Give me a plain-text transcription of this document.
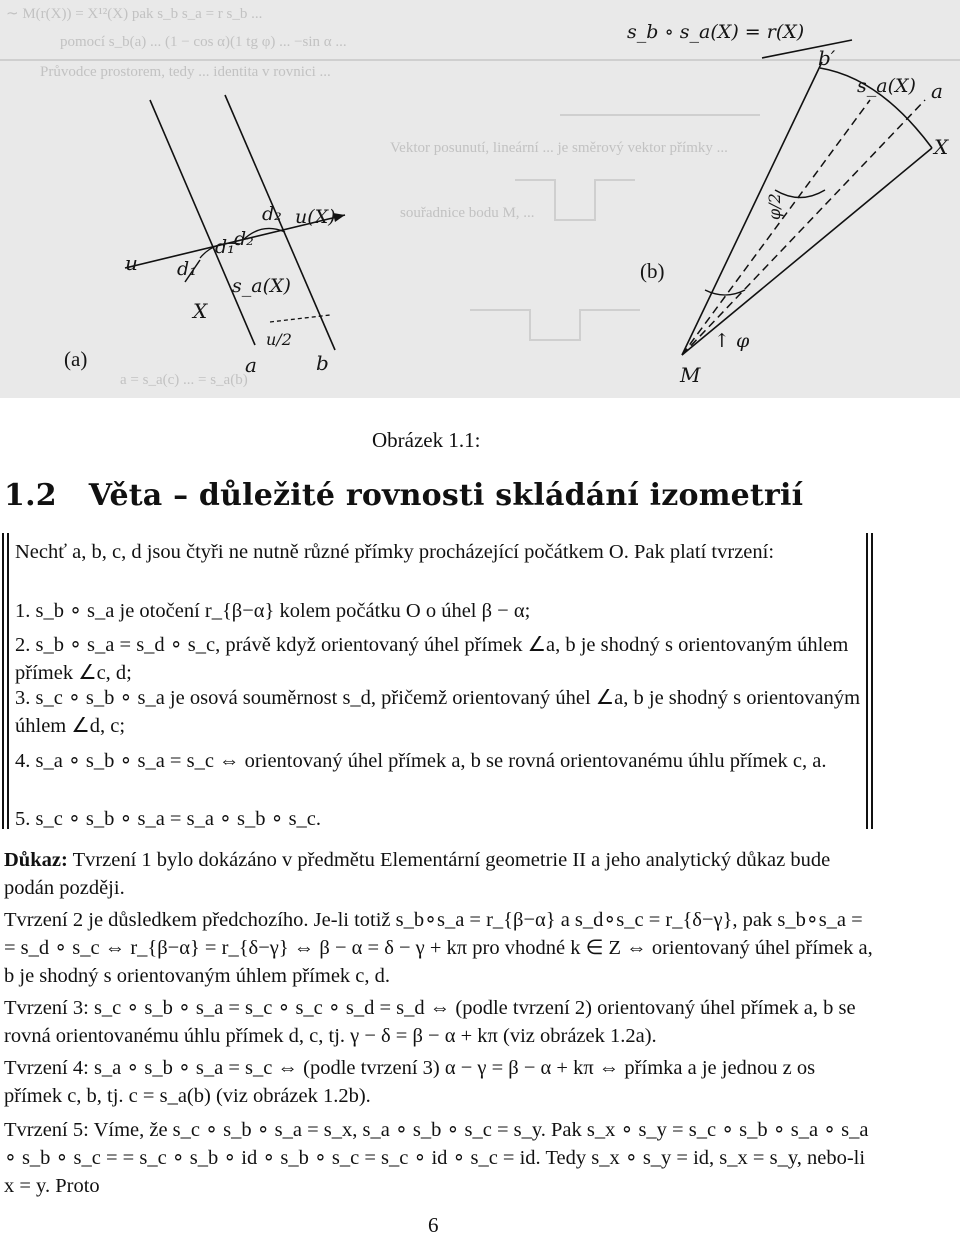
∼ M(r(X)) = X¹²(X) pak s_b s_a = r s_b ...
pomocí s_b(a) ... (1 − cos α)(1 tg φ) ... −sin α ...
Průvodce prostorem, tedy ... identita v rovnici ...
Vektor posunutí, lineární ... je směrový vektor přímky ...
souřadnice bodu M, ...
a = s_a(c) ... = s_a(b)
u d₁
d₁ d₂
d₂ u(X)
X
s_a(X)
u/2
a	b
(a)
s_b ∘ s_a(X) = r(X)
b′
s_a(X) a
X
φ/2
↑ φ
M
(b)
Obrázek 1.1:
1.2 Věta – důležité rovnosti skládání izometrií
Nechť a, b, c, d jsou čtyři ne nutně různé přímky procházející počátkem O. Pak platí tvrzení:
1. s_b ∘ s_a je otočení r_{β−α} kolem počátku O o úhel β − α;
2. s_b ∘ s_a = s_d ∘ s_c, právě když orientovaný úhel přímek ∠a, b je shodný s orientovaným úhlem přímek ∠c, d;
3. s_c ∘ s_b ∘ s_a je osová souměrnost s_d, přičemž orientovaný úhel ∠a, b je shodný s orientovaným úhlem ∠d, c;
4. s_a ∘ s_b ∘ s_a = s_c ⇔ orientovaný úhel přímek a, b se rovná orientovanému úhlu přímek c, a.
5. s_c ∘ s_b ∘ s_a = s_a ∘ s_b ∘ s_c.
Důkaz: Tvrzení 1 bylo dokázáno v předmětu Elementární geometrie II a jeho analytický důkaz bude podán později.
Tvrzení 2 je důsledkem předchozího. Je-li totiž s_b∘s_a = r_{β−α} a s_d∘s_c = r_{δ−γ}, pak s_b∘s_a = = s_d ∘ s_c ⇔ r_{β−α} = r_{δ−γ} ⇔ β − α = δ − γ + kπ pro vhodné k ∈ Z ⇔ orientovaný úhel přímek a, b je shodný s orientovaným úhlem přímek c, d.
Tvrzení 3: s_c ∘ s_b ∘ s_a = s_c ∘ s_c ∘ s_d = s_d ⇔ (podle tvrzení 2) orientovaný úhel přímek a, b se rovná orientovanému úhlu přímek d, c, tj. γ − δ = β − α + kπ (viz obrázek 1.2a).
Tvrzení 4: s_a ∘ s_b ∘ s_a = s_c ⇔ (podle tvrzení 3) α − γ = β − α + kπ ⇔ přímka a je jednou z os přímek c, b, tj. c = s_a(b) (viz obrázek 1.2b).
Tvrzení 5: Víme, že s_c ∘ s_b ∘ s_a = s_x, s_a ∘ s_b ∘ s_c = s_y. Pak s_x ∘ s_y = s_c ∘ s_b ∘ s_a ∘ s_a ∘ s_b ∘ s_c = = s_c ∘ s_b ∘ id ∘ s_b ∘ s_c = s_c ∘ id ∘ s_c = id. Tedy s_x ∘ s_y = id, s_x = s_y, nebo-li x = y. Proto
6
